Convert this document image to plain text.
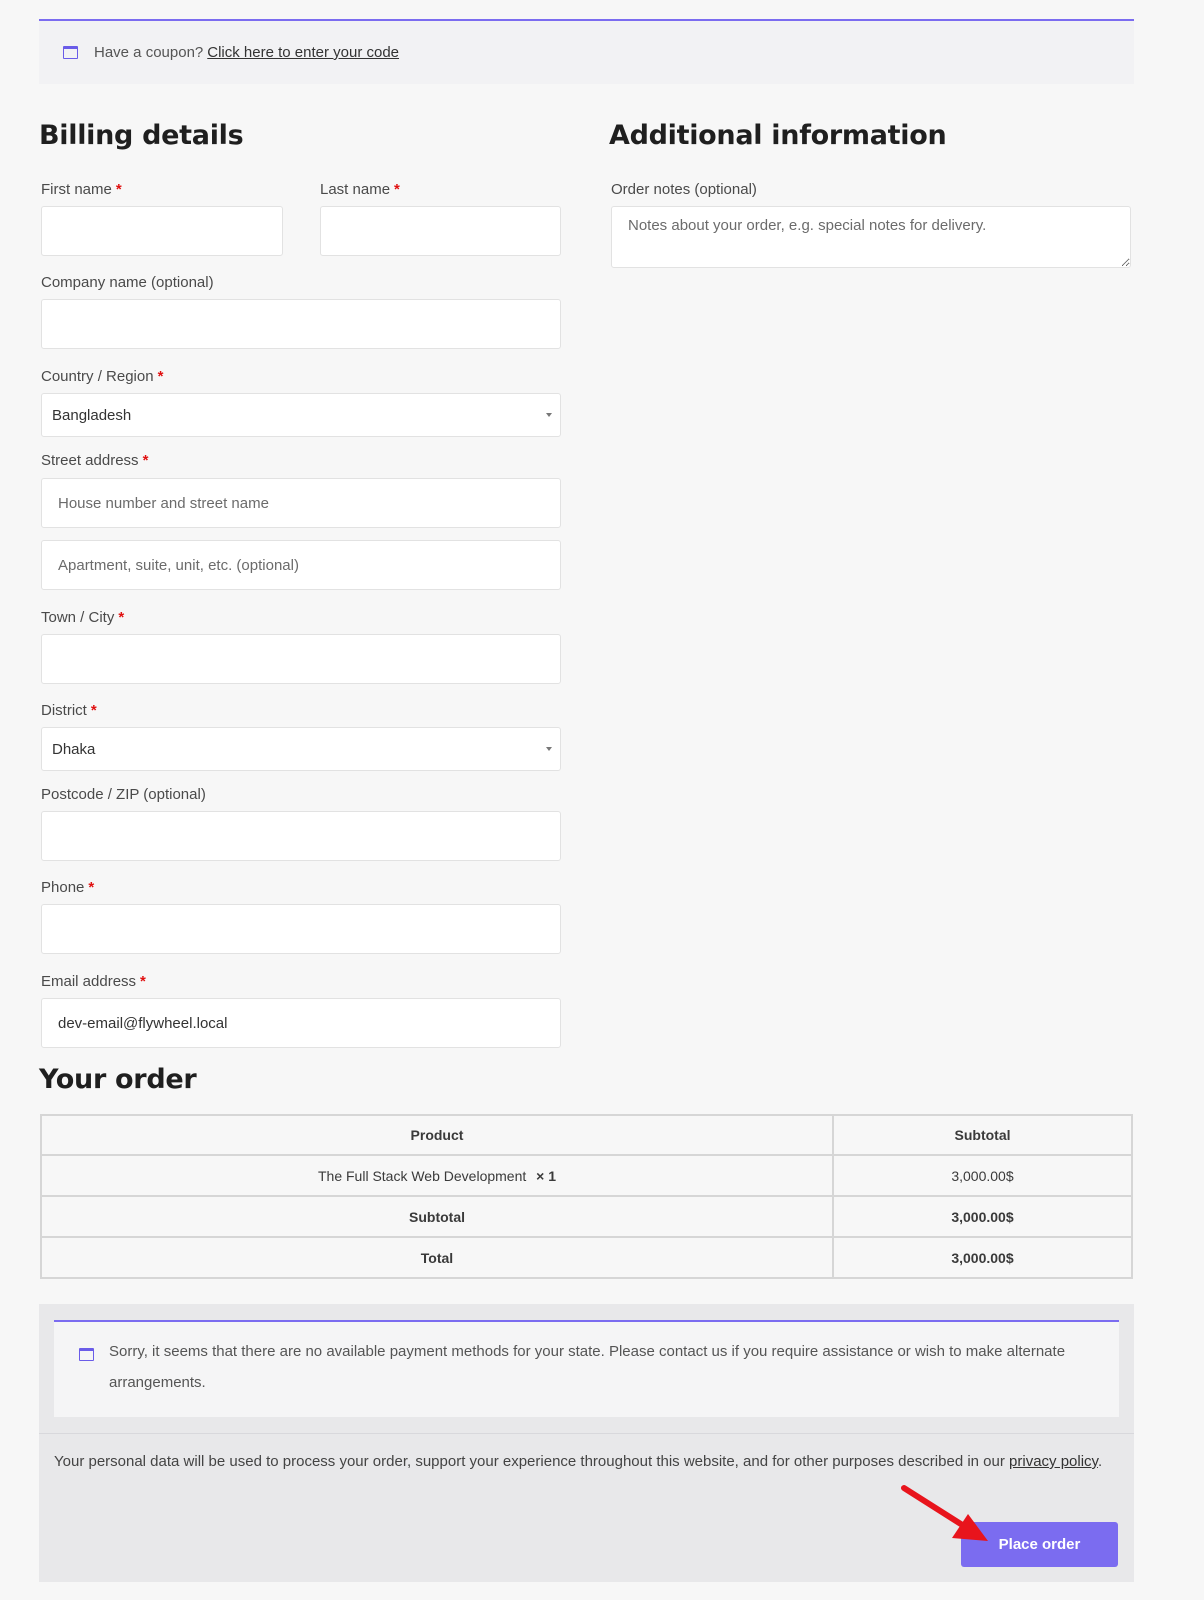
Have a coupon? Click here to enter your code
Billing details
First name *	Last name *
Company name (optional)
Country / Region *
Bangladesh
Street address *
House number and street name
Apartment, suite, unit, etc. (optional)
Town / City *
District *
Dhaka
Postcode / ZIP (optional)
Phone *
Email address *
dev-email@flywheel.local
Additional information
Order notes (optional)
Notes about your order, e.g. special notes for delivery.
Your order
Product	Subtotal
The Full Stack Web Development × 1	3,000.00$
Subtotal	3,000.00$
Total	3,000.00$
Sorry, it seems that there are no available payment methods for your state. Please contact us if you require assistance or wish to make alternate arrangements.
Your personal data will be used to process your order, support your experience throughout this website, and for other purposes described in our privacy policy.
Place order
